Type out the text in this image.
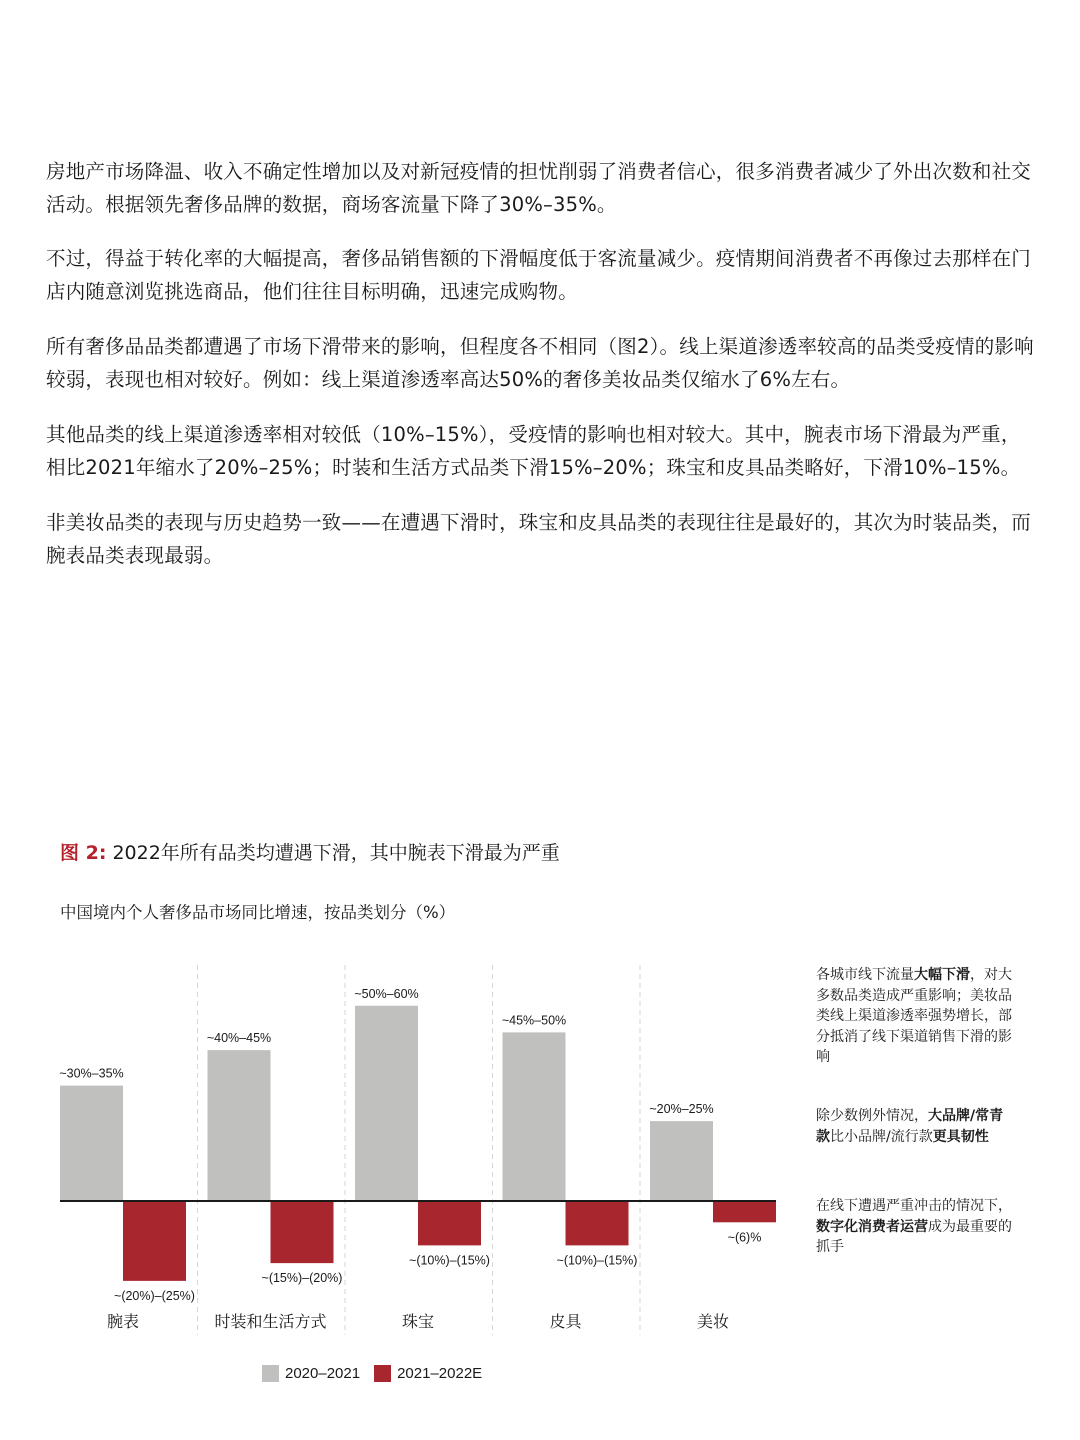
房地产市场降温、收入不确定性增加以及对新冠疫情的担忧削弱了消费者信心，很多消费者减少了外出次数和社交活动。根据领先奢侈品牌的数据，商场客流量下降了30%–35%。

不过，得益于转化率的大幅提高，奢侈品销售额的下滑幅度低于客流量减少。疫情期间消费者不再像过去那样在门店内随意浏览挑选商品，他们往往目标明确，迅速完成购物。

所有奢侈品品类都遭遇了市场下滑带来的影响，但程度各不相同（图2）。线上渠道渗透率较高的品类受疫情的影响较弱，表现也相对较好。例如：线上渠道渗透率高达50%的奢侈美妆品类仅缩水了6%左右。

其他品类的线上渠道渗透率相对较低（10%–15%），受疫情的影响也相对较大。其中，腕表市场下滑最为严重，相比2021年缩水了20%–25%；时装和生活方式品类下滑15%–20%；珠宝和皮具品类略好，下滑10%–15%。

非美妆品类的表现与历史趋势一致——在遭遇下滑时，珠宝和皮具品类的表现往往是最好的，其次为时装品类，而腕表品类表现最弱。

图 2: 2022年所有品类均遭遇下滑，其中腕表下滑最为严重

中国境内个人奢侈品市场同比增速，按品类划分（%）

~30%–35%
~(20%)–(25%)
腕表
~40%–45%
~(15%)–(20%)
时装和生活方式
~50%–60%
~(10%)–(15%)
珠宝
~45%–50%
~(10%)–(15%)
皮具
~20%–25%
~(6)%
美妆

各城市线下流量大幅下滑，对大多数品类造成严重影响；美妆品类线上渠道渗透率强势增长，部分抵消了线下渠道销售下滑的影响

除少数例外情况，大品牌/常青款比小品牌/流行款更具韧性

在线下遭遇严重冲击的情况下，数字化消费者运营成为最重要的抓手

2020–2021 2021–2022E
